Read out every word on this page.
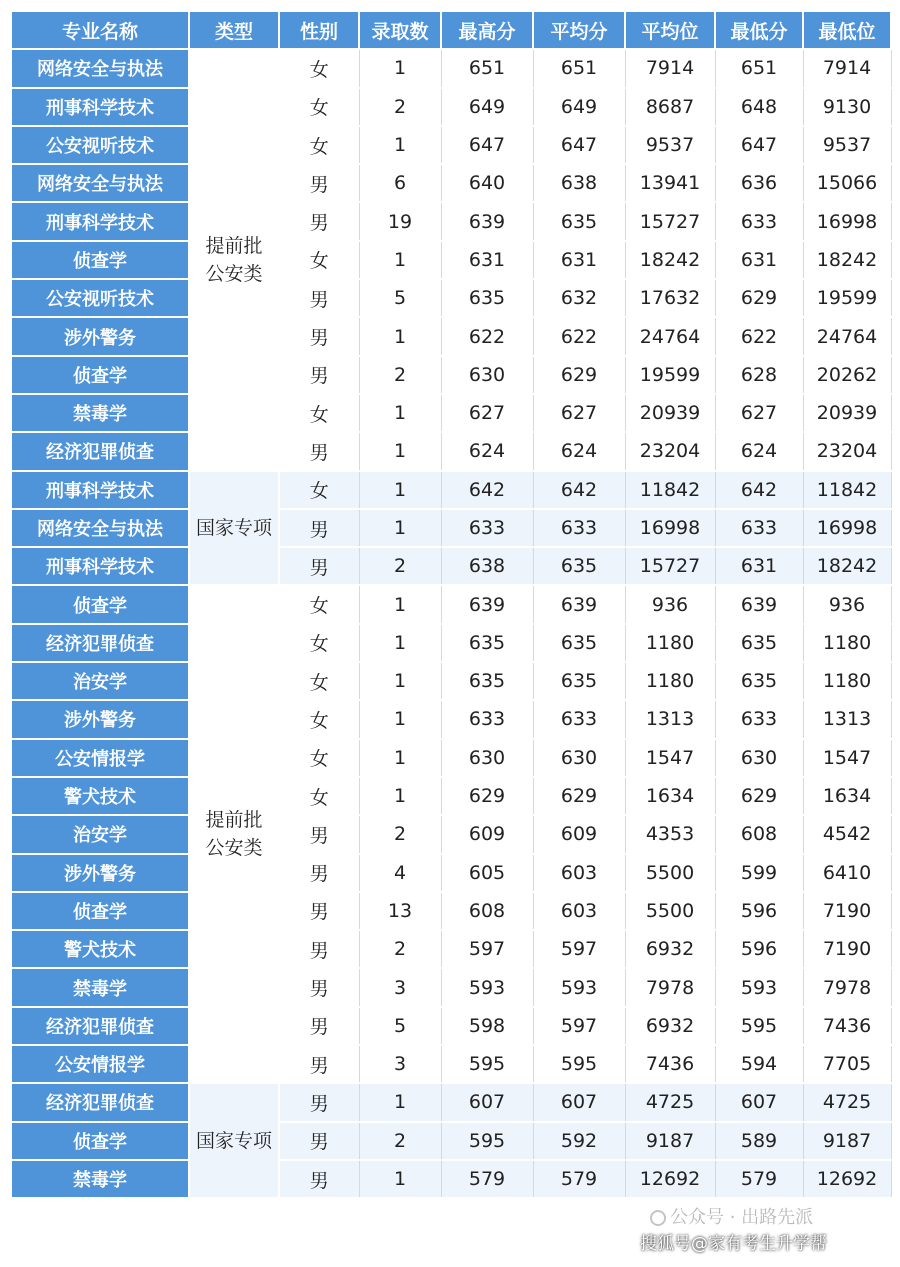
专业名称	类型	性别	录取数	最高分	平均分	平均位	最低分	最低位
网络安全与执法	提前批公安类	女	1	651	651	7914	651	7914
刑事科学技术		女	2	649	649	8687	648	9130
公安视听技术		女	1	647	647	9537	647	9537
网络安全与执法		男	6	640	638	13941	636	15066
刑事科学技术		男	19	639	635	15727	633	16998
侦查学		女	1	631	631	18242	631	18242
公安视听技术		男	5	635	632	17632	629	19599
涉外警务		男	1	622	622	24764	622	24764
侦查学		男	2	630	629	19599	628	20262
禁毒学		女	1	627	627	20939	627	20939
经济犯罪侦查		男	1	624	624	23204	624	23204
刑事科学技术	国家专项	女	1	642	642	11842	642	11842
网络安全与执法		男	1	633	633	16998	633	16998
刑事科学技术		男	2	638	635	15727	631	18242
侦查学	提前批公安类	女	1	639	639	936	639	936
经济犯罪侦查		女	1	635	635	1180	635	1180
治安学		女	1	635	635	1180	635	1180
涉外警务		女	1	633	633	1313	633	1313
公安情报学		女	1	630	630	1547	630	1547
警犬技术		女	1	629	629	1634	629	1634
治安学		男	2	609	609	4353	608	4542
涉外警务		男	4	605	603	5500	599	6410
侦查学		男	13	608	603	5500	596	7190
警犬技术		男	2	597	597	6932	596	7190
禁毒学		男	3	593	593	7978	593	7978
经济犯罪侦查		男	5	598	597	6932	595	7436
公安情报学		男	3	595	595	7436	594	7705
经济犯罪侦查	国家专项	男	1	607	607	4725	607	4725
侦查学		男	2	595	592	9187	589	9187
禁毒学		男	1	579	579	12692	579	12692
公众号 · 出路先派
搜狐号@家有考生升学帮
